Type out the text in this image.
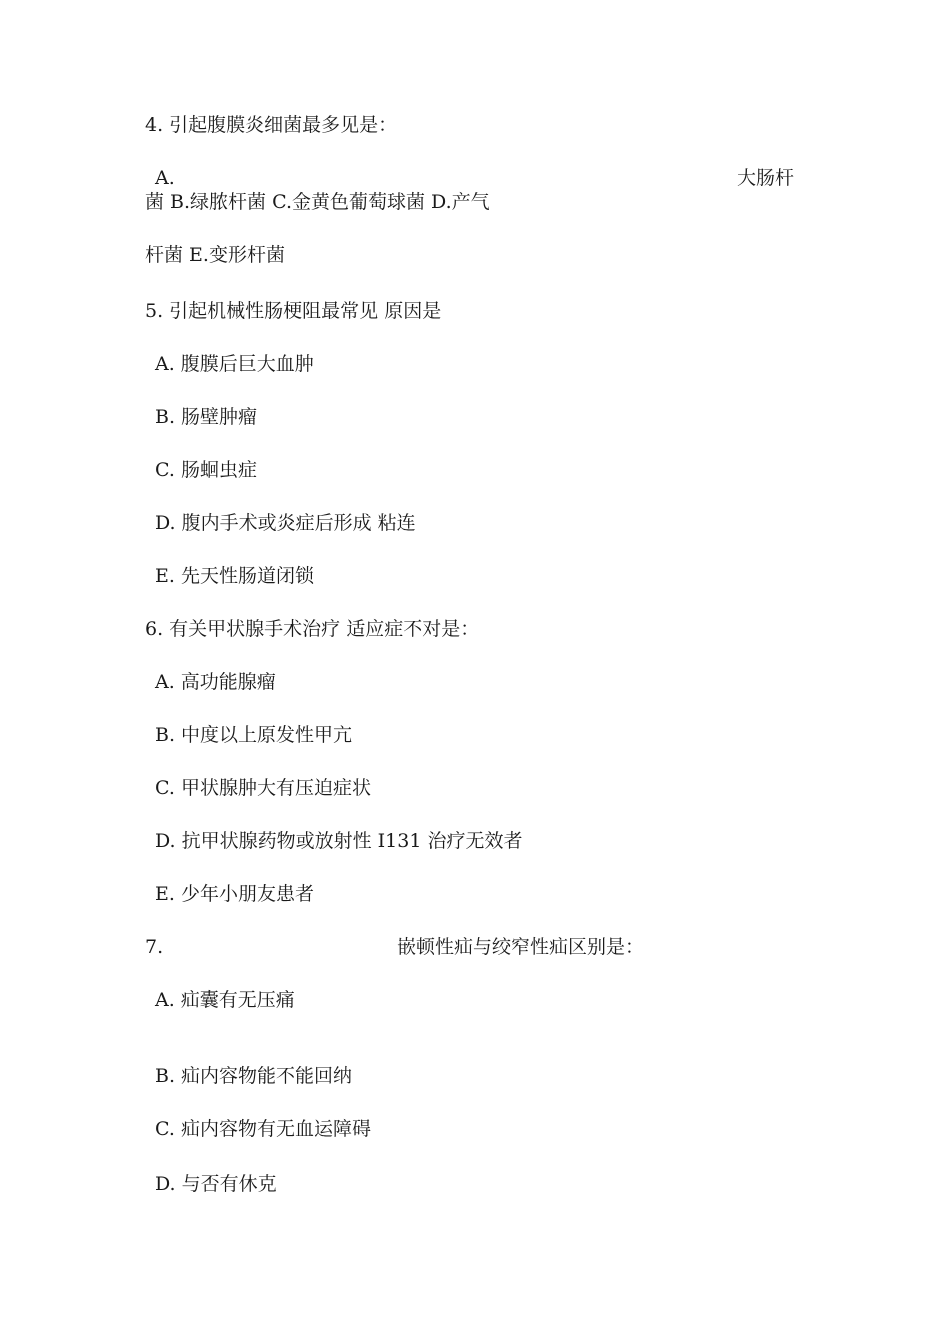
4. 引起腹膜炎细菌最多见是：
A.	大肠杆
菌 B.绿脓杆菌 C.金黄色葡萄球菌 D.产气
杆菌 E.变形杆菌
5. 引起机械性肠梗阻最常见 原因是
A. 腹膜后巨大血肿
B. 肠壁肿瘤
C. 肠蛔虫症
D. 腹内手术或炎症后形成 粘连
E. 先天性肠道闭锁
6. 有关甲状腺手术治疗 适应症不对是：
A. 高功能腺瘤
B. 中度以上原发性甲亢
C. 甲状腺肿大有压迫症状
D. 抗甲状腺药物或放射性 I131 治疗无效者
E. 少年小朋友患者
7.	嵌顿性疝与绞窄性疝区别是：
A. 疝囊有无压痛
B. 疝内容物能不能回纳
C. 疝内容物有无血运障碍
D. 与否有休克
